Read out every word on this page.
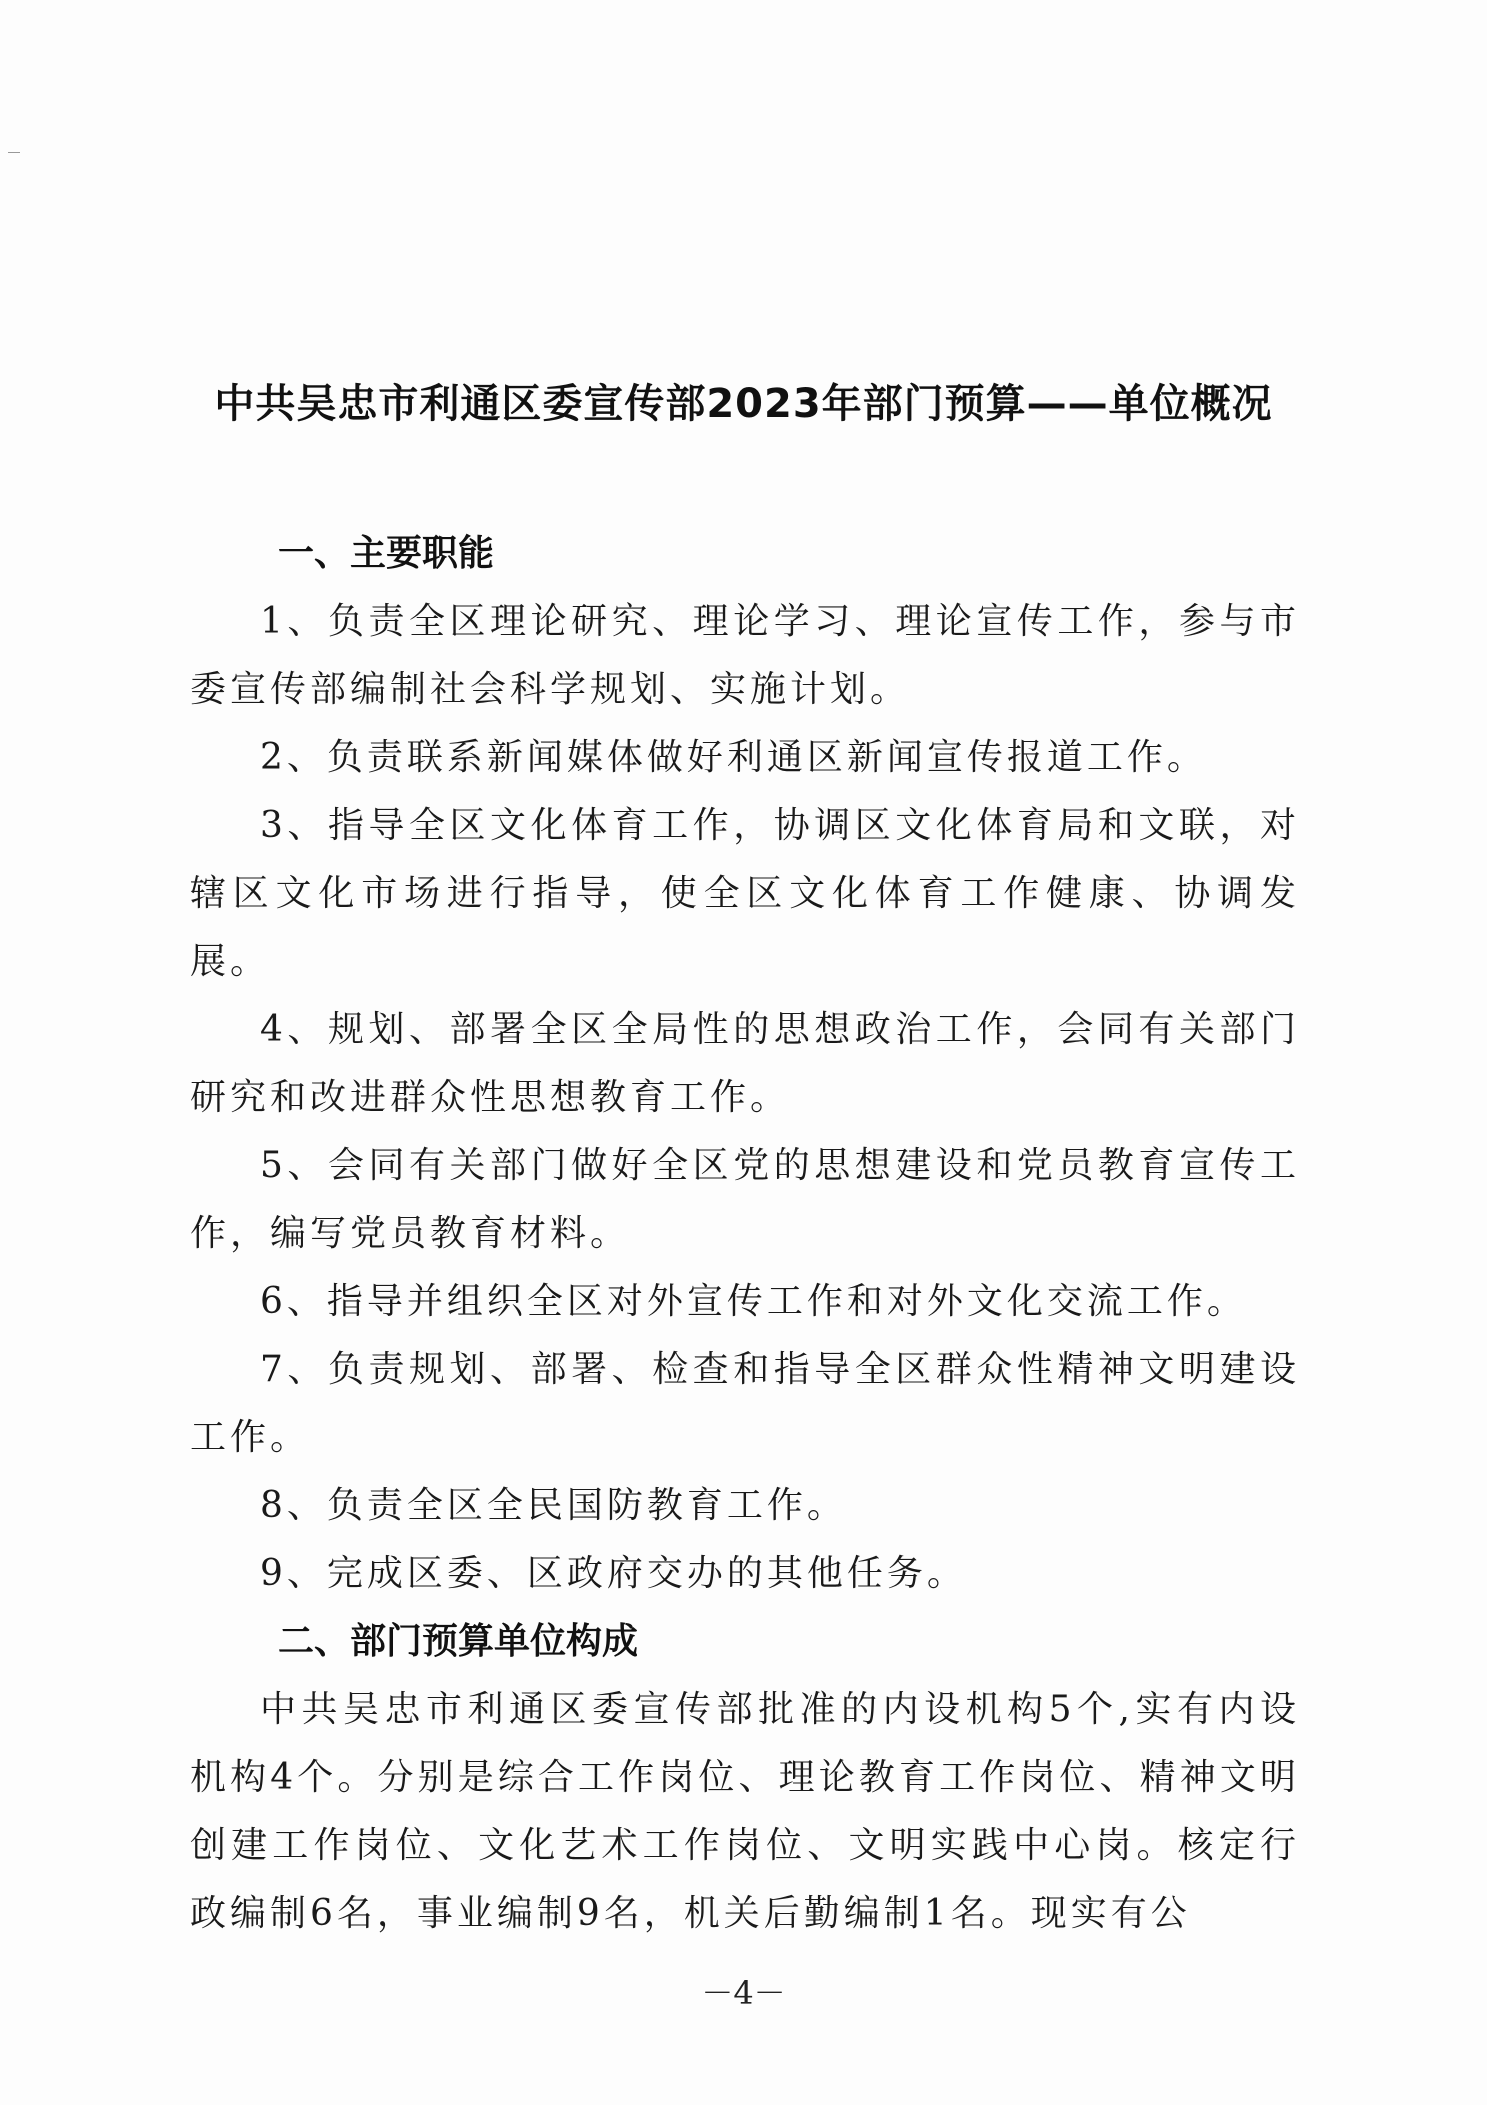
中共吴忠市利通区委宣传部2023年部门预算——单位概况

一、主要职能

1、负责全区理论研究、理论学习、理论宣传工作，参与市委宣传部编制社会科学规划、实施计划。

2、负责联系新闻媒体做好利通区新闻宣传报道工作。

3、指导全区文化体育工作，协调区文化体育局和文联，对辖区文化市场进行指导，使全区文化体育工作健康、协调发展。

4、规划、部署全区全局性的思想政治工作，会同有关部门研究和改进群众性思想教育工作。

5、会同有关部门做好全区党的思想建设和党员教育宣传工作，编写党员教育材料。

6、指导并组织全区对外宣传工作和对外文化交流工作。

7、负责规划、部署、检查和指导全区群众性精神文明建设工作。

8、负责全区全民国防教育工作。

9、完成区委、区政府交办的其他任务。

二、部门预算单位构成

中共吴忠市利通区委宣传部批准的内设机构5个,实有内设机构4个。分别是综合工作岗位、理论教育工作岗位、精神文明创建工作岗位、文化艺术工作岗位、文明实践中心岗。核定行政编制6名，事业编制9名，机关后勤编制1名。现实有公

－4－
